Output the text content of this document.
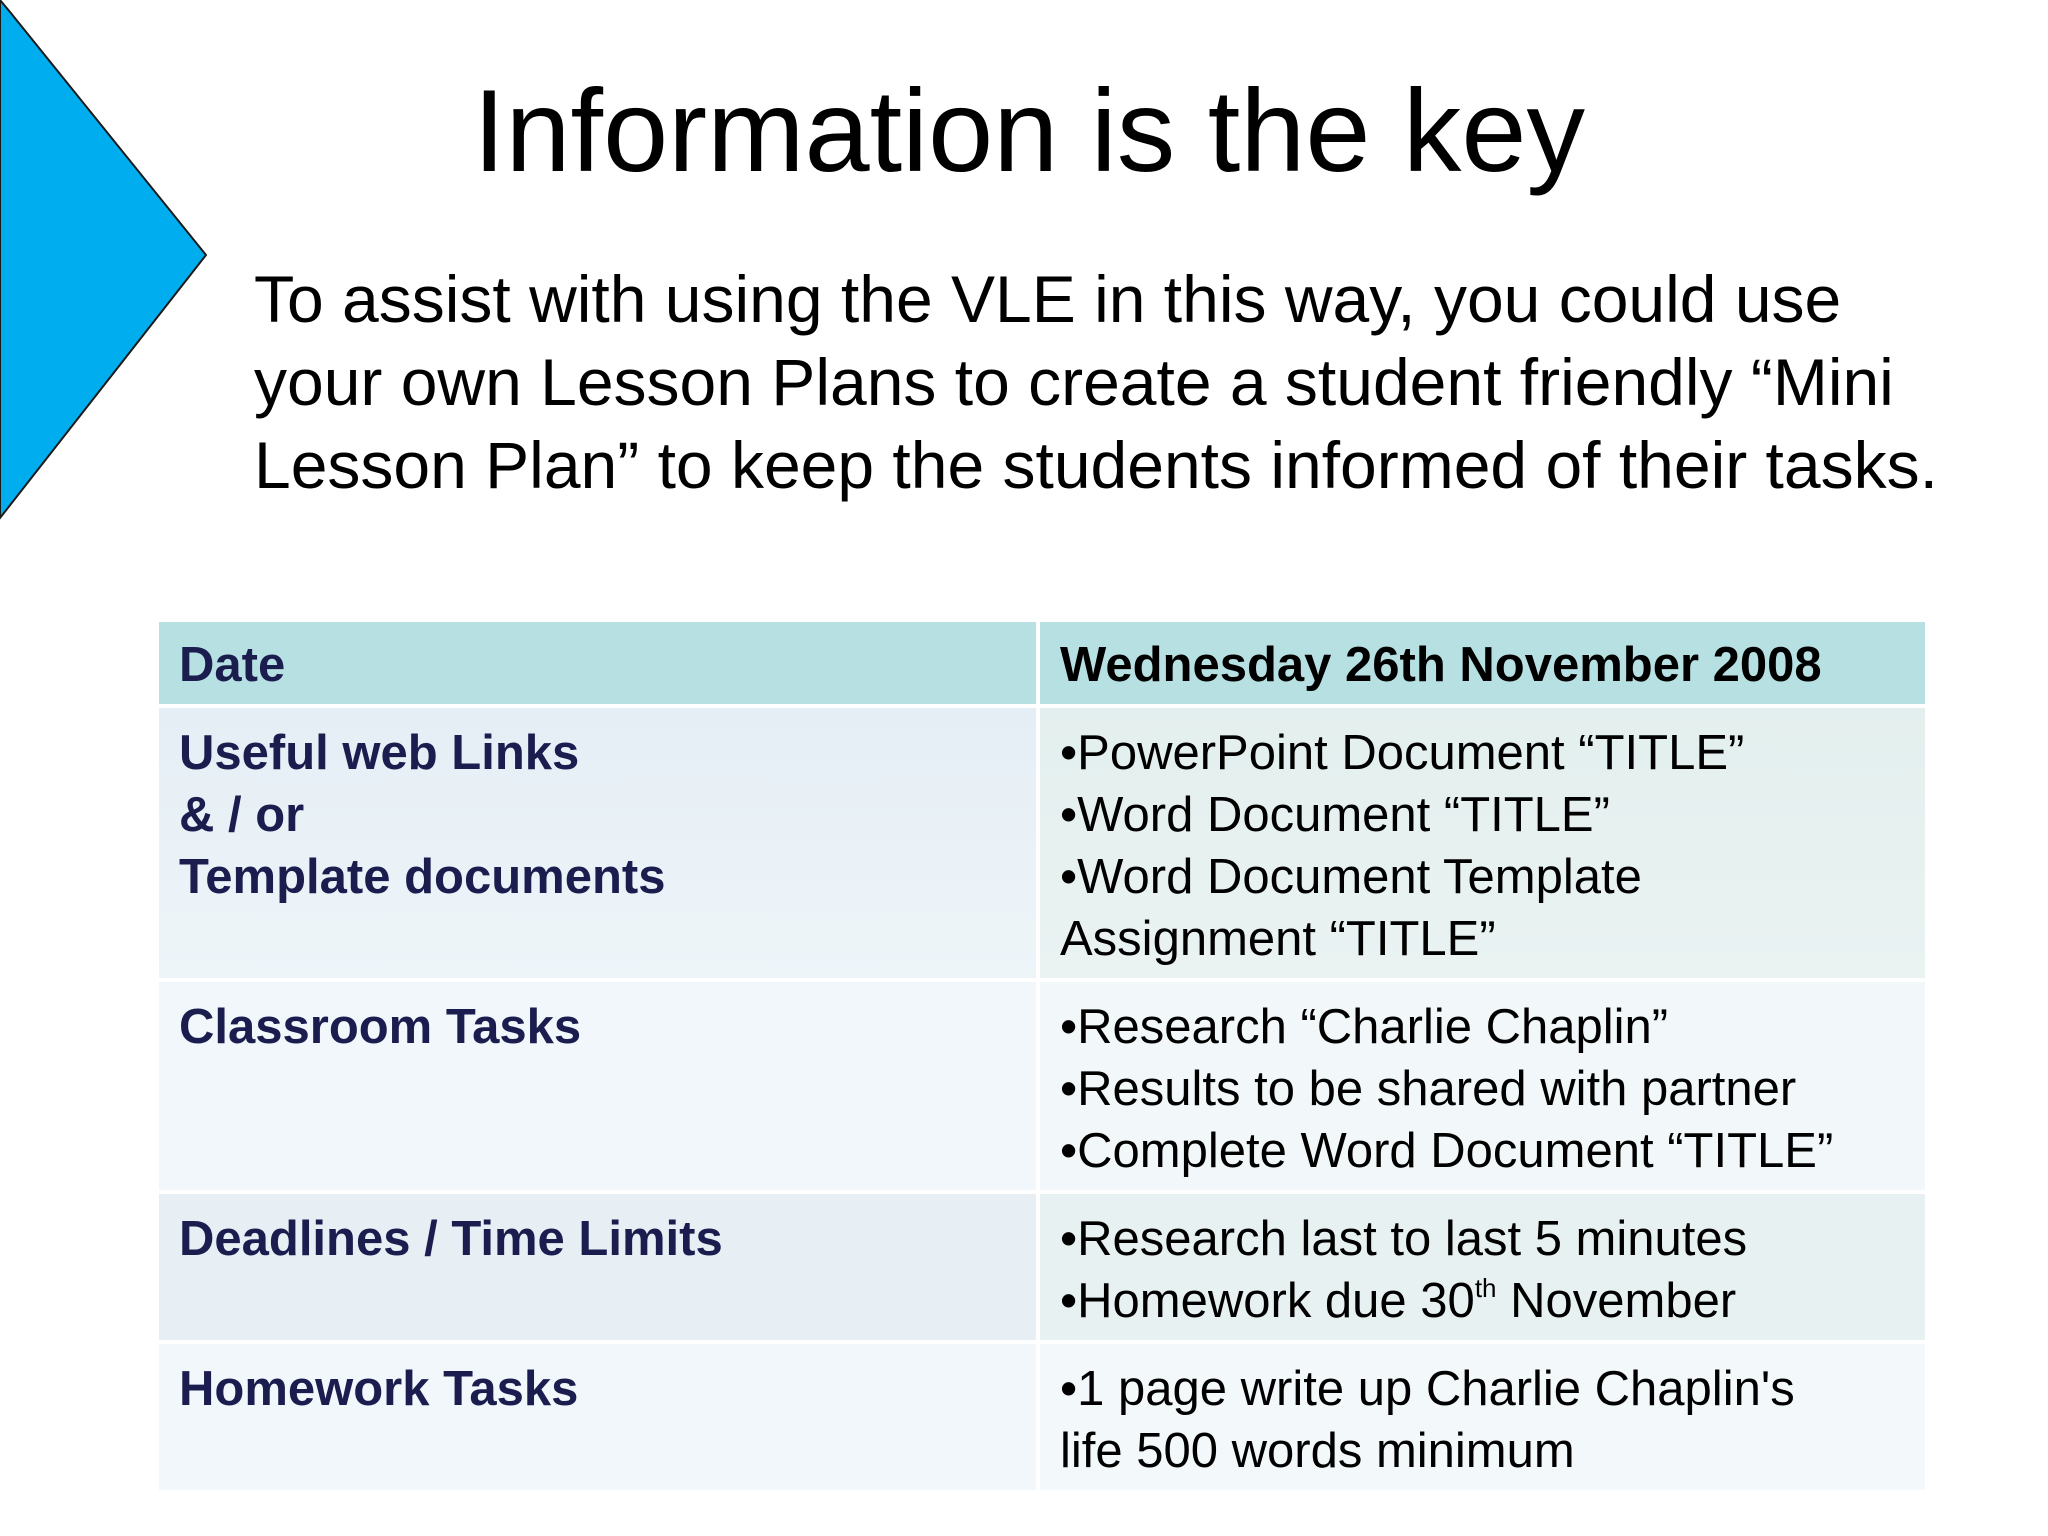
Information is the key
To assist with using the VLE in this way, you could use
your own Lesson Plans to create a student friendly “Mini
Lesson Plan” to keep the students informed of their tasks.
Date	Wednesday 26th November 2008

Useful web Links
& / or
Template documents	•PowerPoint Document “TITLE”
•Word Document “TITLE”
•Word Document Template
Assignment “TITLE”

Classroom Tasks	•Research “Charlie Chaplin”
•Results to be shared with partner
•Complete Word Document “TITLE”

Deadlines / Time Limits	•Research last to last 5 minutes
•Homework due 30th November

Homework Tasks	•1 page write up Charlie Chaplin's
life 500 words minimum
